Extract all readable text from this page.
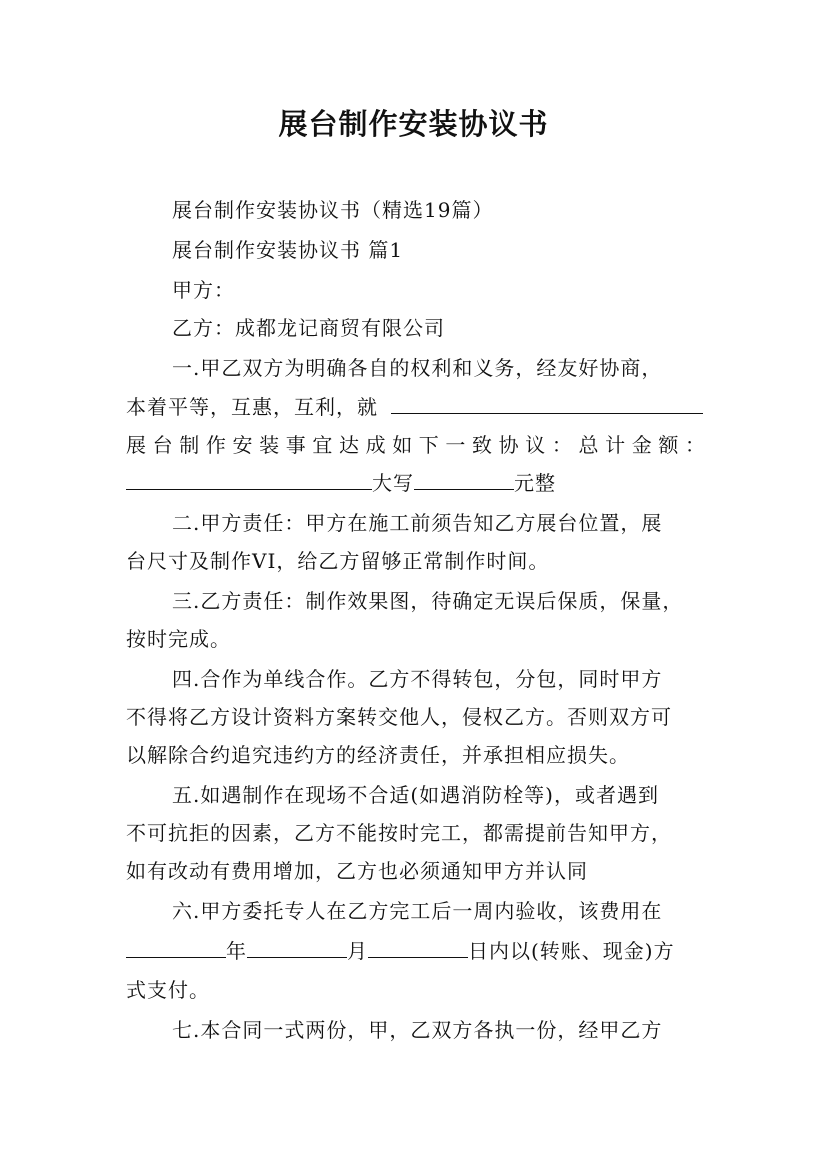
展台制作安装协议书
展台制作安装协议书（精选19篇）
展台制作安装协议书 篇1
甲方：
乙方：成都龙记商贸有限公司
一.甲乙双方为明确各自的权利和义务，经友好协商，
本着平等，互惠，互利，就
展台制作安装事宜达成如下一致协议：总计金额：
大写	元整
二.甲方责任：甲方在施工前须告知乙方展台位置，展
台尺寸及制作VI，给乙方留够正常制作时间。
三.乙方责任：制作效果图，待确定无误后保质，保量，
按时完成。
四.合作为单线合作。乙方不得转包，分包，同时甲方
不得将乙方设计资料方案转交他人，侵权乙方。否则双方可
以解除合约追究违约方的经济责任，并承担相应损失。
五.如遇制作在现场不合适(如遇消防栓等)，或者遇到
不可抗拒的因素，乙方不能按时完工，都需提前告知甲方，
如有改动有费用增加，乙方也必须通知甲方并认同
六.甲方委托专人在乙方完工后一周内验收，该费用在
年	月	日内以(转账、现金)方
式支付。
七.本合同一式两份，甲，乙双方各执一份，经甲乙方
